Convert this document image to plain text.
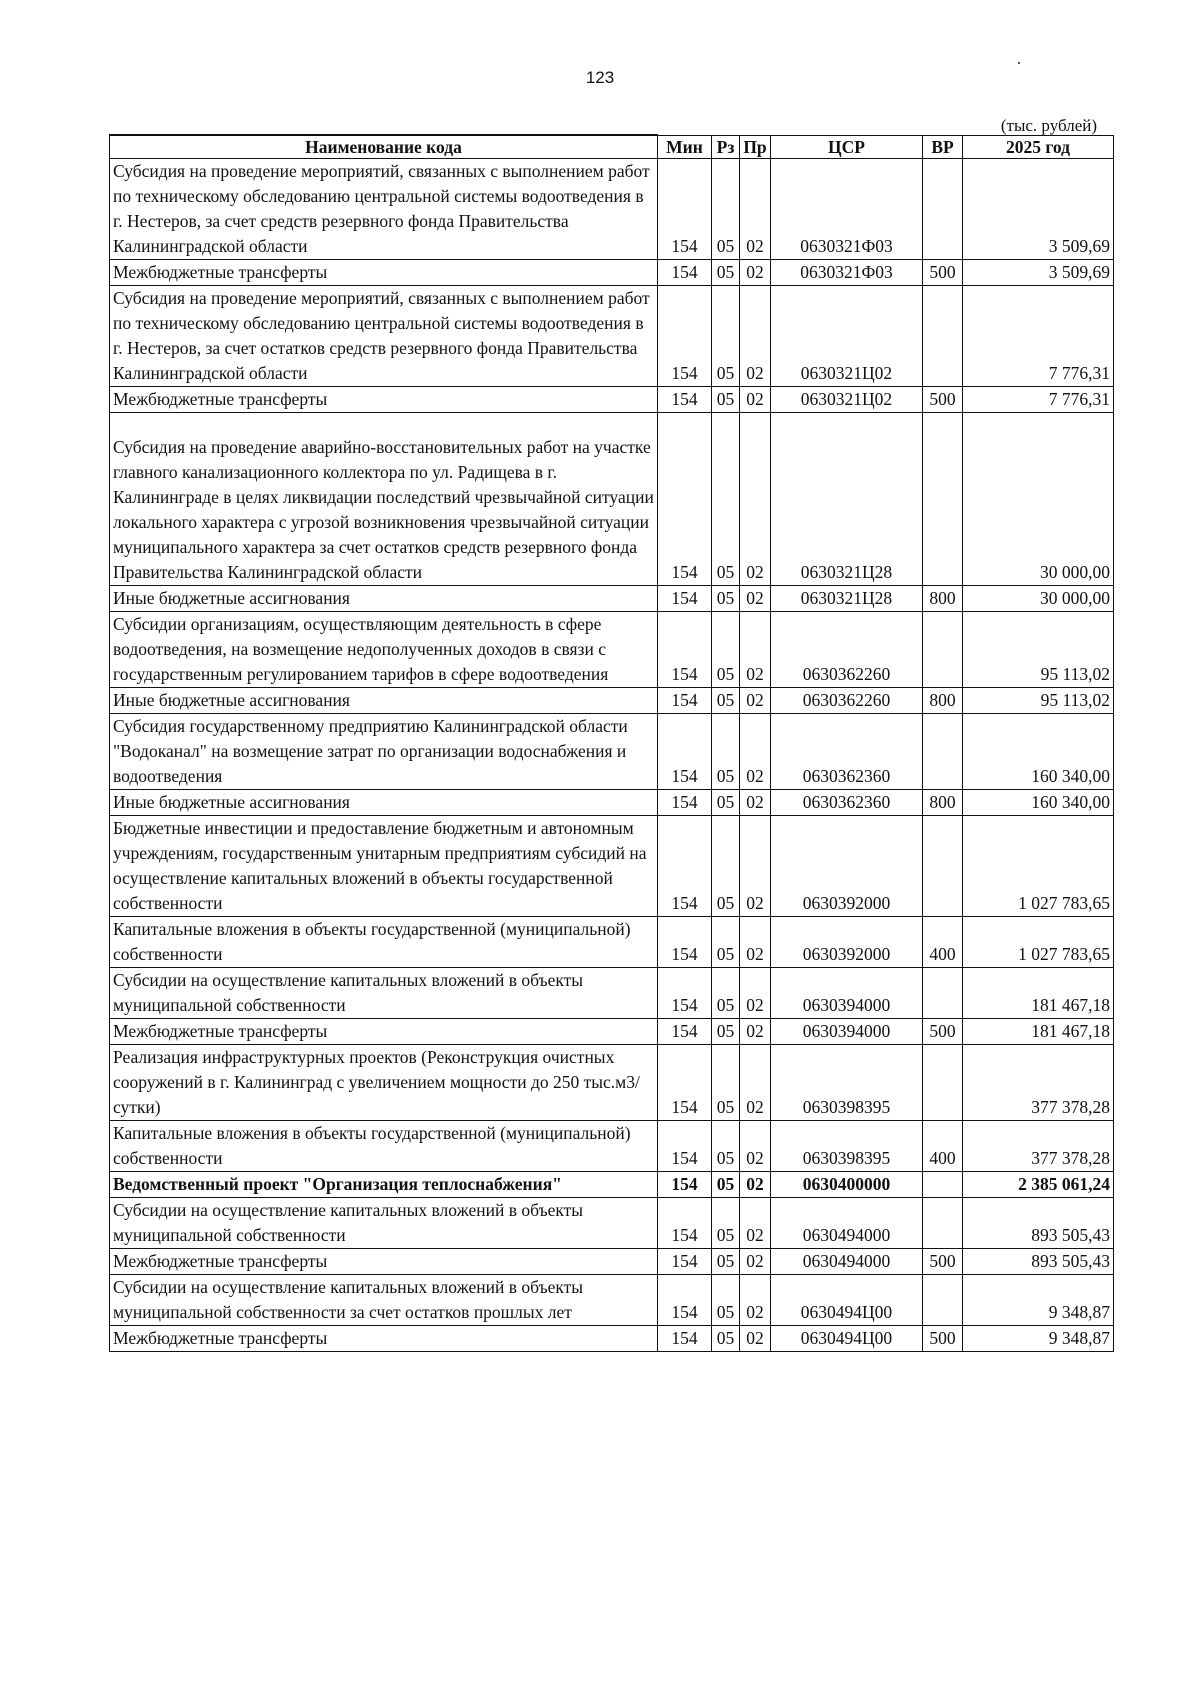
123
(тыс. рублей)
Наименование кода	Мин	Рз	Пр	ЦСР	ВР	2025 год
Субсидия на проведение мероприятий, связанных с выполнением работ по техническому обследованию центральной системы водоотведения в г. Нестеров, за счет средств резервного фонда Правительства Калининградской области	154	05	02	0630321Ф03		3 509,69
Межбюджетные трансферты	154	05	02	0630321Ф03	500	3 509,69
Субсидия на проведение мероприятий, связанных с выполнением работ по техническому обследованию центральной системы водоотведения в г. Нестеров, за счет остатков средств резервного фонда Правительства Калининградской области	154	05	02	0630321Ц02		7 776,31
Межбюджетные трансферты	154	05	02	0630321Ц02	500	7 776,31
Субсидия на проведение аварийно-восстановительных работ на участке главного канализационного коллектора по ул. Радищева в г. Калининграде в целях ликвидации последствий чрезвычайной ситуации локального характера с угрозой возникновения чрезвычайной ситуации муниципального характера за счет остатков средств резервного фонда Правительства Калининградской области	154	05	02	0630321Ц28		30 000,00
Иные бюджетные ассигнования	154	05	02	0630321Ц28	800	30 000,00
Субсидии организациям, осуществляющим деятельность в сфере водоотведения, на возмещение недополученных доходов в связи с государственным регулированием тарифов в сфере водоотведения	154	05	02	0630362260		95 113,02
Иные бюджетные ассигнования	154	05	02	0630362260	800	95 113,02
Субсидия государственному предприятию Калининградской области "Водоканал" на возмещение затрат по организации водоснабжения и водоотведения	154	05	02	0630362360		160 340,00
Иные бюджетные ассигнования	154	05	02	0630362360	800	160 340,00
Бюджетные инвестиции и предоставление бюджетным и автономным учреждениям, государственным унитарным предприятиям субсидий на осуществление капитальных вложений в объекты государственной собственности	154	05	02	0630392000		1 027 783,65
Капитальные вложения в объекты государственной (муниципальной) собственности	154	05	02	0630392000	400	1 027 783,65
Субсидии на осуществление капитальных вложений в объекты муниципальной собственности	154	05	02	0630394000		181 467,18
Межбюджетные трансферты	154	05	02	0630394000	500	181 467,18
Реализация инфраструктурных проектов (Реконструкция очистных сооружений в г. Калининград с увеличением мощности до 250 тыс.м3/сутки)	154	05	02	0630398395		377 378,28
Капитальные вложения в объекты государственной (муниципальной) собственности	154	05	02	0630398395	400	377 378,28
Ведомственный проект "Организация теплоснабжения"	154	05	02	0630400000		2 385 061,24
Субсидии на осуществление капитальных вложений в объекты муниципальной собственности	154	05	02	0630494000		893 505,43
Межбюджетные трансферты	154	05	02	0630494000	500	893 505,43
Субсидии на осуществление капитальных вложений в объекты муниципальной собственности за счет остатков прошлых лет	154	05	02	0630494Ц00		9 348,87
Межбюджетные трансферты	154	05	02	0630494Ц00	500	9 348,87
